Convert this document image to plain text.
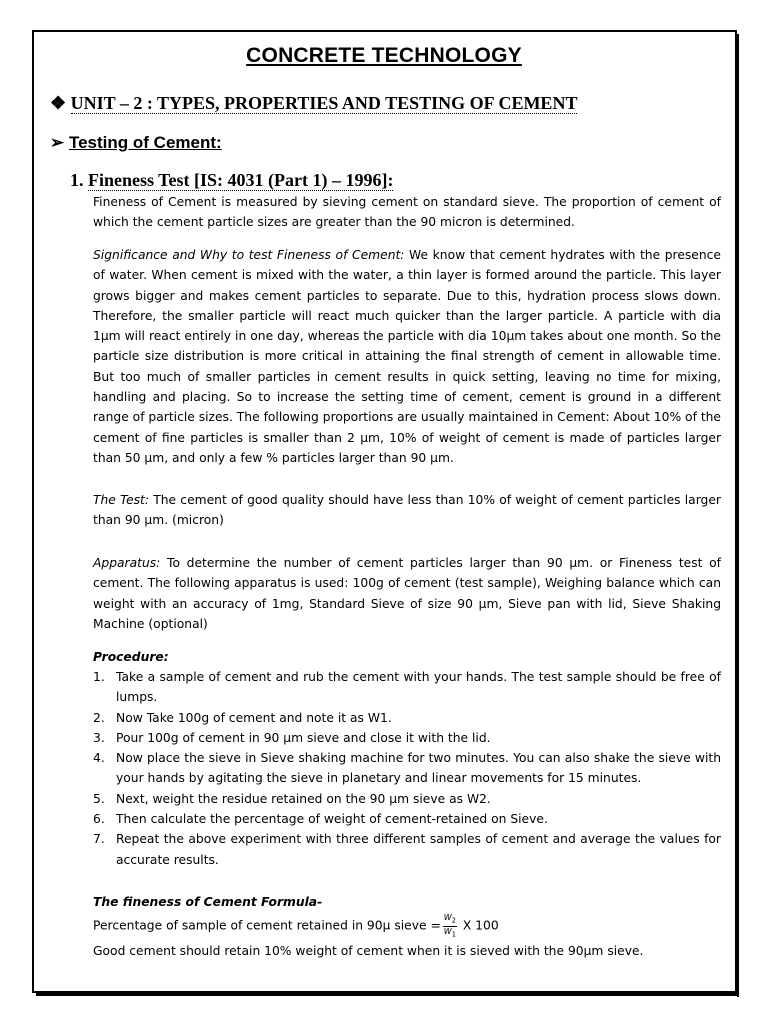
CONCRETE TECHNOLOGY
❖ UNIT – 2 : TYPES, PROPERTIES AND TESTING OF CEMENT
➢ Testing of Cement:
1. Fineness Test [IS: 4031 (Part 1) – 1996]:
Fineness of Cement is measured by sieving cement on standard sieve. The proportion of cement of which the cement particle sizes are greater than the 90 micron is determined.
Significance and Why to test Fineness of Cement: We know that cement hydrates with the presence of water. When cement is mixed with the water, a thin layer is formed around the particle. This layer grows bigger and makes cement particles to separate. Due to this, hydration process slows down. Therefore, the smaller particle will react much quicker than the larger particle. A particle with dia 1μm will react entirely in one day, whereas the particle with dia 10μm takes about one month. So the particle size distribution is more critical in attaining the final strength of cement in allowable time. But too much of smaller particles in cement results in quick setting, leaving no time for mixing, handling and placing. So to increase the setting time of cement, cement is ground in a different range of particle sizes. The following proportions are usually maintained in Cement: About 10% of the cement of fine particles is smaller than 2 μm, 10% of weight of cement is made of particles larger than 50 μm, and only a few % particles larger than 90 μm.
The Test: The cement of good quality should have less than 10% of weight of cement particles larger than 90 μm. (micron)
Apparatus: To determine the number of cement particles larger than 90 μm. or Fineness test of cement. The following apparatus is used: 100g of cement (test sample), Weighing balance which can weight with an accuracy of 1mg, Standard Sieve of size 90 μm, Sieve pan with lid, Sieve Shaking Machine (optional)
Procedure:
1. Take a sample of cement and rub the cement with your hands. The test sample should be free of lumps.
2. Now Take 100g of cement and note it as W1.
3. Pour 100g of cement in 90 μm sieve and close it with the lid.
4. Now place the sieve in Sieve shaking machine for two minutes. You can also shake the sieve with your hands by agitating the sieve in planetary and linear movements for 15 minutes.
5. Next, weight the residue retained on the 90 μm sieve as W2.
6. Then calculate the percentage of weight of cement-retained on Sieve.
7. Repeat the above experiment with three different samples of cement and average the values for accurate results.
The fineness of Cement Formula-
Percentage of sample of cement retained in 90μ sieve = $\frac{W_2}{W_1}$ X 100
Good cement should retain 10% weight of cement when it is sieved with the 90μm sieve.
